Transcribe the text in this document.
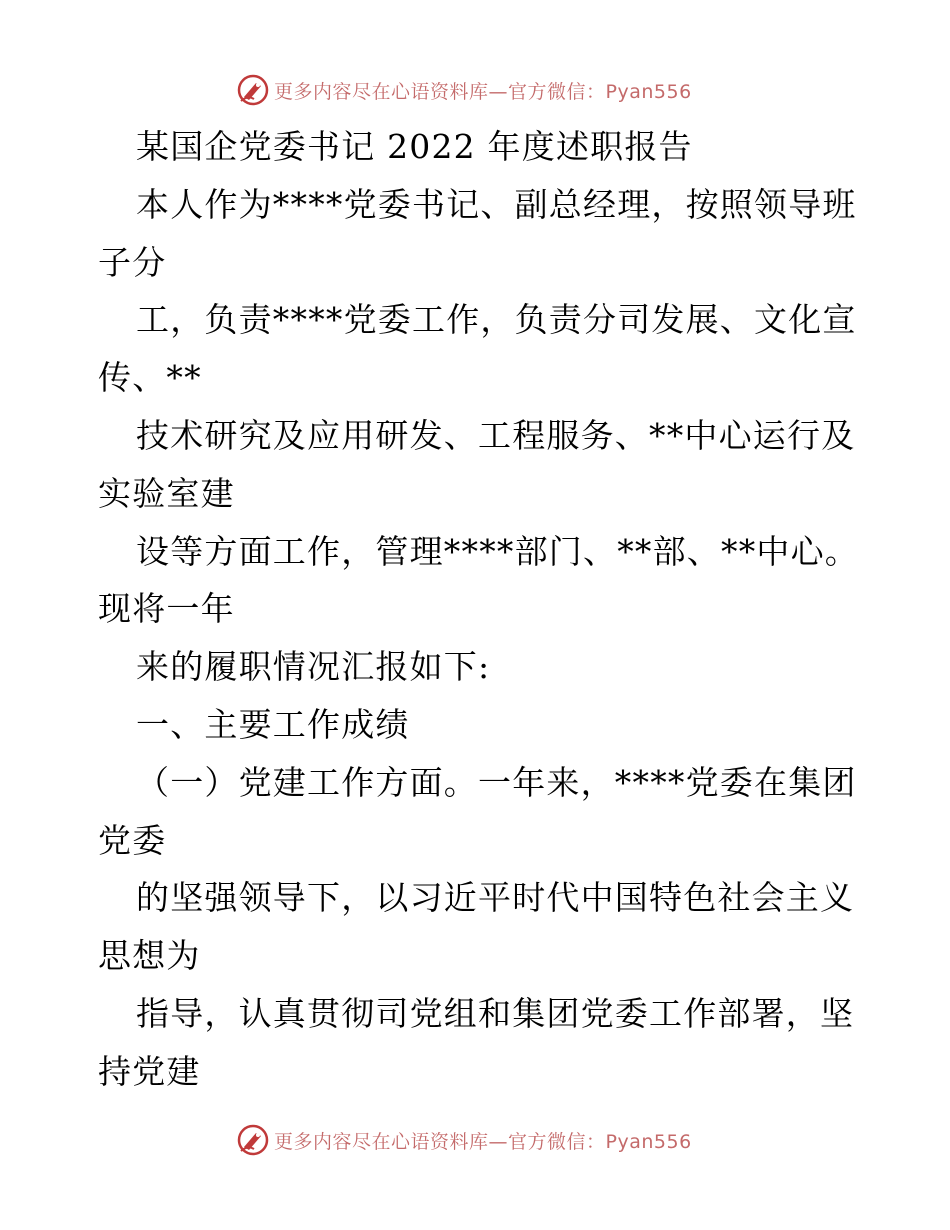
更多内容尽在心语资料库—官方微信：Pyan556
某国企党委书记 2022 年度述职报告
本人作为****党委书记、副总经理，按照领导班
子分
工，负责****党委工作，负责分司发展、文化宣
传、**
技术研究及应用研发、工程服务、**中心运行及
实验室建
设等方面工作，管理****部门、**部、**中心。
现将一年
来的履职情况汇报如下:
一、主要工作成绩
（一）党建工作方面。一年来，****党委在集团
党委
的坚强领导下，以习近平时代中国特色社会主义
思想为
指导，认真贯彻司党组和集团党委工作部署，坚
持党建
更多内容尽在心语资料库—官方微信：Pyan556
